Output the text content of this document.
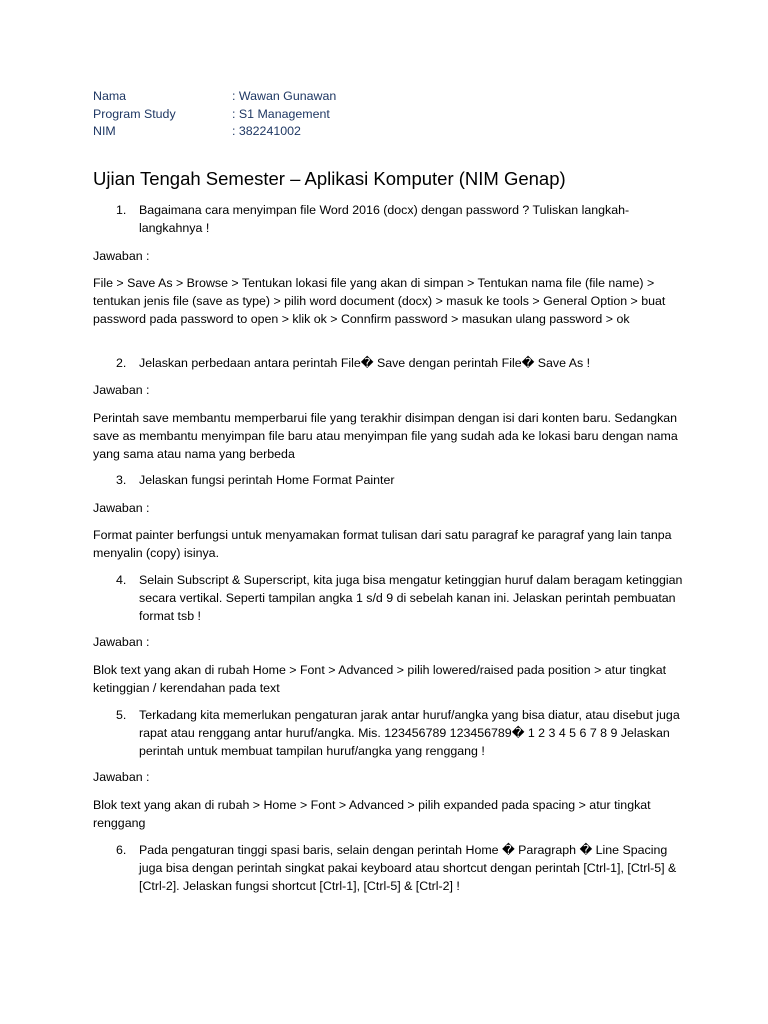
Nama	: Wawan Gunawan
Program Study	: S1 Management
NIM	: 382241002
Ujian Tengah Semester – Aplikasi Komputer (NIM Genap)
1. Bagaimana cara menyimpan file Word 2016 (docx) dengan password ? Tuliskan langkah-langkahnya !
Jawaban :
File > Save As > Browse > Tentukan lokasi file yang akan di simpan > Tentukan nama file (file name) > tentukan jenis file (save as type) > pilih word document (docx) > masuk ke tools > General Option > buat password pada password to open > klik ok > Connfirm password > masukan ulang password > ok
2. Jelaskan perbedaan antara perintah File� Save dengan perintah File� Save As !
Jawaban :
Perintah save membantu memperbarui file yang terakhir disimpan dengan isi dari konten baru. Sedangkan save as membantu menyimpan file baru atau menyimpan file yang sudah ada ke lokasi baru dengan nama yang sama atau nama yang berbeda
3. Jelaskan fungsi perintah Home Format Painter
Jawaban :
Format painter berfungsi untuk menyamakan format tulisan dari satu paragraf ke paragraf yang lain tanpa menyalin (copy) isinya.
4. Selain Subscript & Superscript, kita juga bisa mengatur ketinggian huruf dalam beragam ketinggian secara vertikal. Seperti tampilan angka 1 s/d 9 di sebelah kanan ini. Jelaskan perintah pembuatan format tsb !
Jawaban :
Blok text yang akan di rubah Home > Font > Advanced > pilih lowered/raised pada position > atur tingkat ketinggian / kerendahan pada text
5. Terkadang kita memerlukan pengaturan jarak antar huruf/angka yang bisa diatur, atau disebut juga rapat atau renggang antar huruf/angka. Mis. 123456789 123456789� 1 2 3 4 5 6 7 8 9 Jelaskan perintah untuk membuat tampilan huruf/angka yang renggang !
Jawaban :
Blok text yang akan di rubah > Home > Font > Advanced > pilih expanded pada spacing > atur tingkat renggang
6. Pada pengaturan tinggi spasi baris, selain dengan perintah Home � Paragraph � Line Spacing juga bisa dengan perintah singkat pakai keyboard atau shortcut dengan perintah [Ctrl-1], [Ctrl-5] & [Ctrl-2]. Jelaskan fungsi shortcut [Ctrl-1], [Ctrl-5] & [Ctrl-2] !
